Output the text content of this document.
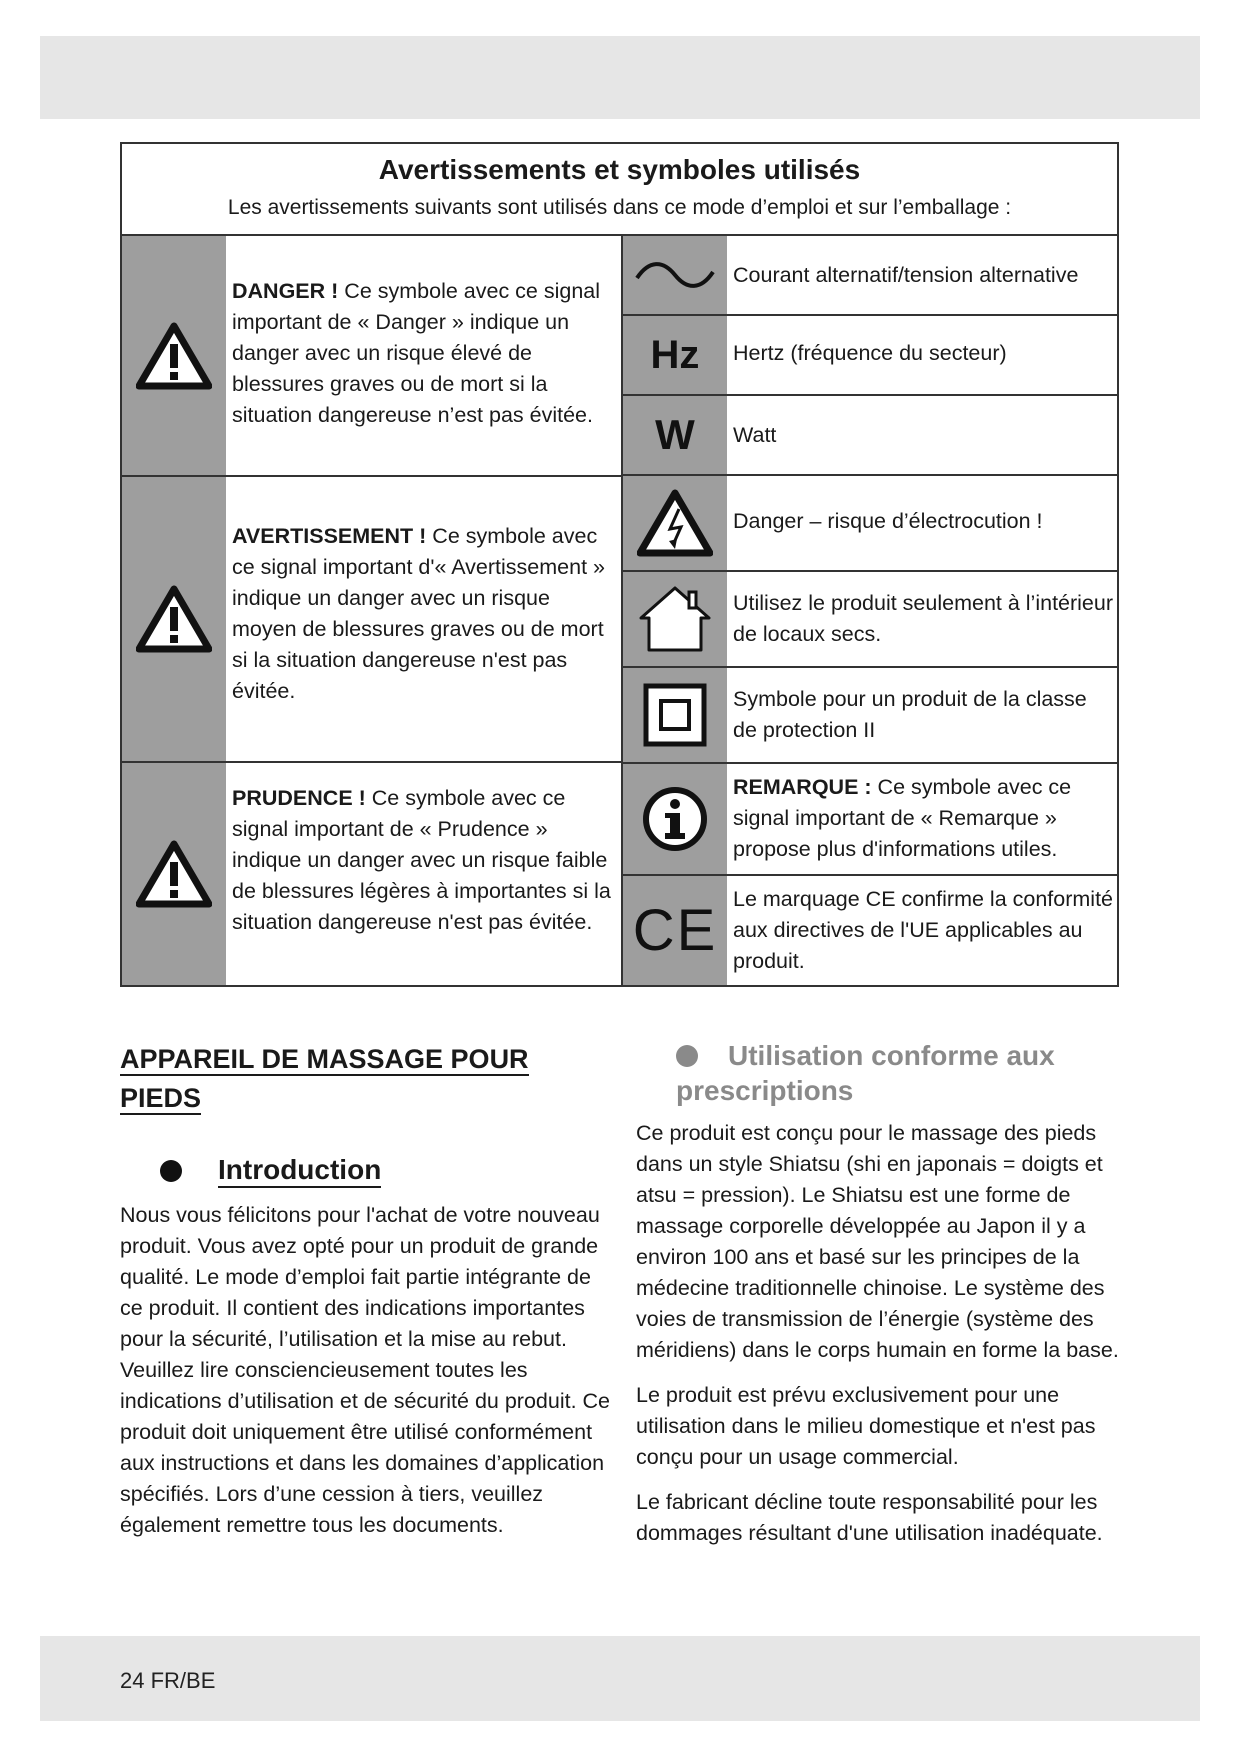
Avertissements et symboles utilisés
Les avertissements suivants sont utilisés dans ce mode d’emploi et sur l’emballage :
DANGER ! Ce symbole avec ce signal important de « Danger » indique un danger avec un risque élevé de blessures graves ou de mort si la situation dangereuse n’est pas évitée.
AVERTISSEMENT ! Ce symbole avec ce signal important d'« Avertissement » indique un danger avec un risque moyen de blessures graves ou de mort si la situation dangereuse n'est pas évitée.
PRUDENCE ! Ce symbole avec ce signal important de « Prudence » indique un danger avec un risque faible de blessures légères à importantes si la situation dangereuse n'est pas évitée.
Courant alternatif/tension alternative
Hz Hertz (fréquence du secteur)
W Watt
Danger – risque d’électrocution !
Utilisez le produit seulement à l’intérieur de locaux secs.
Symbole pour un produit de la classe de protection II
REMARQUE : Ce symbole avec ce signal important de « Remarque » propose plus d'informations utiles.
CE Le marquage CE confirme la conformité aux directives de l'UE applicables au produit.
APPAREIL DE MASSAGE POUR
PIEDS
Introduction

Nous vous félicitons pour l'achat de votre nouveau produit. Vous avez opté pour un produit de grande qualité. Le mode d’emploi fait partie intégrante de ce produit. Il contient des indications importantes pour la sécurité, l’utilisation et la mise au rebut. Veuillez lire consciencieusement toutes les indications d’utilisation et de sécurité du produit. Ce produit doit uniquement être utilisé conformément aux instructions et dans les domaines d’application spécifiés. Lors d’une cession à tiers, veuillez également remettre tous les documents.

Utilisation conforme aux
prescriptions

Ce produit est conçu pour le massage des pieds dans un style Shiatsu (shi en japonais = doigts et atsu = pression). Le Shiatsu est une forme de massage corporelle développée au Japon il y a environ 100 ans et basé sur les principes de la médecine traditionnelle chinoise. Le système des voies de transmission de l’énergie (système des méridiens) dans le corps humain en forme la base.

Le produit est prévu exclusivement pour une utilisation dans le milieu domestique et n'est pas conçu pour un usage commercial.

Le fabricant décline toute responsabilité pour les dommages résultant d'une utilisation inadéquate.

24 FR/BE
